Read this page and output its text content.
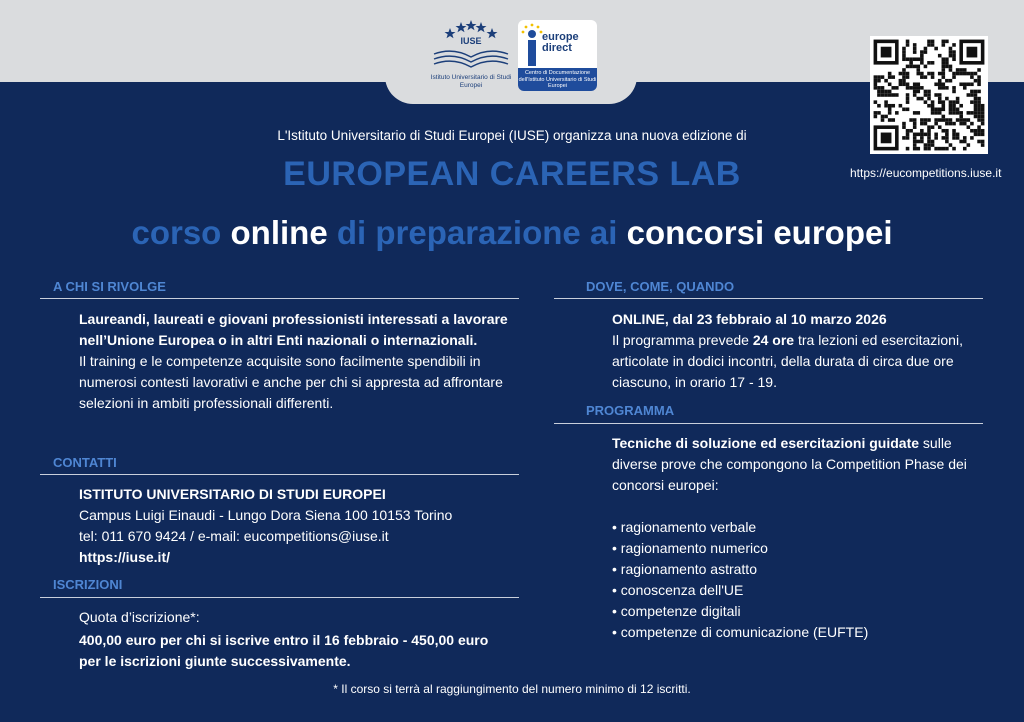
IUSE
Istituto Universitario di Studi Europei
europe
direct
Centro di Documentazione dell'Istituto Universitario di Studi Europei
https://eucompetitions.iuse.it
L'Istituto Universitario di Studi Europei (IUSE) organizza una nuova edizione di
EUROPEAN CAREERS LAB
corso online di preparazione ai concorsi europei
A CHI SI RIVOLGE

Laureandi, laureati e giovani professionisti interessati a lavorare nell’Unione Europea o in altri Enti nazionali o internazionali.

Il training e le competenze acquisite sono facilmente spendibili in numerosi contesti lavorativi e anche per chi si appresta ad affrontare selezioni in ambiti professionali differenti.

CONTATTI

ISTITUTO UNIVERSITARIO DI STUDI EUROPEI

Campus Luigi Einaudi - Lungo Dora Siena 100 10153 Torino

tel: 011 670 9424 / e-mail: eucompetitions@iuse.it

https://iuse.it/

ISCRIZIONI

Quota d’iscrizione*:

400,00 euro per chi si iscrive entro il 16 febbraio - 450,00 euro per le iscrizioni giunte successivamente.

DOVE, COME, QUANDO

ONLINE, dal 23 febbraio al 10 marzo 2026

Il programma prevede 24 ore tra lezioni ed esercitazioni, articolate in dodici incontri, della durata di circa due ore ciascuno, in orario 17 - 19.

PROGRAMMA

Tecniche di soluzione ed esercitazioni guidate sulle diverse prove che compongono la Competition Phase dei concorsi europei:

• ragionamento verbale
• ragionamento numerico
• ragionamento astratto
• conoscenza dell'UE
• competenze digitali
• competenze di comunicazione (EUFTE)
* Il corso si terrà al raggiungimento del numero minimo di 12 iscritti.
